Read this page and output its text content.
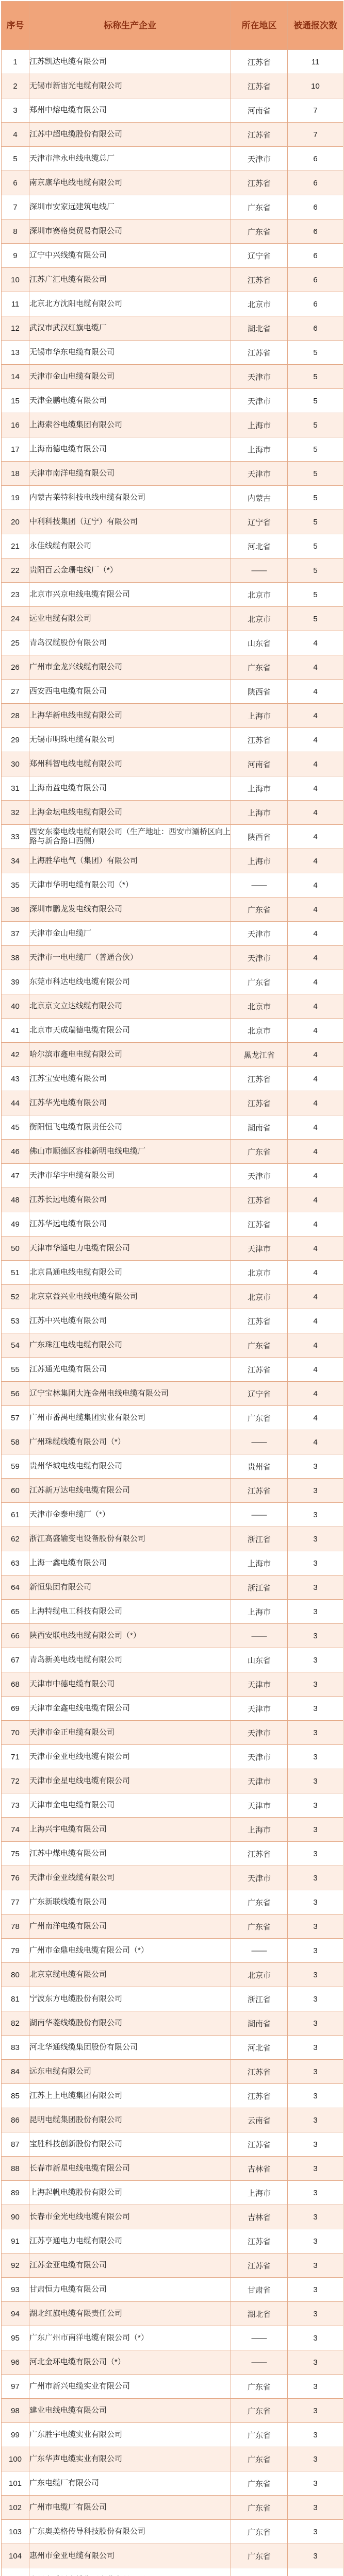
序号	标称生产企业	所在地区	被通报次数
1	江苏凯达电缆有限公司	江苏省	11
2	无锡市新宙光电缆有限公司	江苏省	10
3	郑州中熔电缆有限公司	河南省	7
4	江苏中超电缆股份有限公司	江苏省	7
5	天津市津永电线电缆总厂	天津市	6
6	南京康华电线电缆有限公司	江苏省	6
7	深圳市安家远建筑电线厂	广东省	6
8	深圳市赛格奥贸易有限公司	广东省	6
9	辽宁中兴线缆有限公司	辽宁省	6
10	江苏广汇电缆有限公司	江苏省	6
11	北京北方沈阳电缆有限公司	北京市	6
12	武汉市武汉红旗电缆厂	湖北省	6
13	无锡市华东电缆有限公司	江苏省	5
14	天津市金山电缆有限公司	天津市	5
15	天津金鹏电缆有限公司	天津市	5
16	上海索谷电缆集团有限公司	上海市	5
17	上海南德电缆有限公司	上海市	5
18	天津市南洋电缆有限公司	天津市	5
19	内蒙古莱特科技电线电缆有限公司	内蒙古	5
20	中利科技集团（辽宁）有限公司	辽宁省	5
21	永佳线缆有限公司	河北省	5
22	贵阳百云金珊电线厂（*）	——	5
23	北京市兴京电线电缆有限公司	北京市	5
24	远业电缆有限公司	北京市	5
25	青岛汉缆股份有限公司	山东省	4
26	广州市金龙兴线缆有限公司	广东省	4
27	西安西电电缆有限公司	陕西省	4
28	上海华新电线电缆有限公司	上海市	4
29	无锡市明珠电缆有限公司	江苏省	4
30	郑州科智电线电缆有限公司	河南省	4
31	上海南益电缆有限公司	上海市	4
32	上海金坛电线电缆有限公司	上海市	4
33	西安东泰电线电缆有限公司（生产地址：西安市灞桥区向上路与新合路口西侧）	陕西省	4
34	上海胜华电气（集团）有限公司	上海市	4
35	天津市华明电缆有限公司（*）	——	4
36	深圳市鹏龙发电线有限公司	广东省	4
37	天津市金山电缆厂	天津市	4
38	天津市一电电缆厂（普通合伙）	天津市	4
39	东莞市科达电线电缆有限公司	广东省	4
40	北京京文立达线缆有限公司	北京市	4
41	北京市天成瑞德电缆有限公司	北京市	4
42	哈尔滨市鑫电电缆有限公司	黑龙江省	4
43	江苏宝安电缆有限公司	江苏省	4
44	江苏华光电缆有限公司	江苏省	4
45	衡阳恒飞电缆有限责任公司	湖南省	4
46	佛山市顺德区容桂新明电线电缆厂	广东省	4
47	天津市华宇电缆有限公司	天津市	4
48	江苏长远电缆有限公司	江苏省	4
49	江苏华远电缆有限公司	江苏省	4
50	天津市华通电力电缆有限公司	天津市	4
51	北京昌通电线电缆有限公司	北京市	4
52	北京京益兴业电线电缆有限公司	北京市	4
53	江苏中兴电缆有限公司	江苏省	4
54	广东珠江电线电缆有限公司	广东省	4
55	江苏通光电缆有限公司	江苏省	4
56	辽宁宝林集团大连金州电线电缆有限公司	辽宁省	4
57	广州市番禺电缆集团实业有限公司	广东省	4
58	广州珠缆线缆有限公司（*）	——	4
59	贵州华城电线电缆有限公司	贵州省	3
60	江苏新万达电线电缆有限公司	江苏省	3
61	天津市金泰电缆厂（*）	——	3
62	浙江高盛输变电设备股份有限公司	浙江省	3
63	上海一鑫电缆有限公司	上海市	3
64	新恒集团有限公司	浙江省	3
65	上海特缆电工科技有限公司	上海市	3
66	陕西安联电线电缆有限公司（*）	——	3
67	青岛新美电线电缆有限公司	山东省	3
68	天津市中德电缆有限公司	天津市	3
69	天津市金鑫电线电缆有限公司	天津市	3
70	天津市金正电缆有限公司	天津市	3
71	天津市金亚电线电缆有限公司	天津市	3
72	天津市金星电线电缆有限公司	天津市	3
73	天津市金电电缆有限公司	天津市	3
74	上海兴宇电缆有限公司	上海市	3
75	江苏中煤电缆有限公司	江苏省	3
76	天津市金亚线缆有限公司	天津市	3
77	广东新联线缆有限公司	广东省	3
78	广州南洋电缆有限公司	广东省	3
79	广州市金鼎电线电缆有限公司（*）	——	3
80	北京京缆电缆有限公司	北京市	3
81	宁波东方电缆股份有限公司	浙江省	3
82	湖南华菱线缆股份有限公司	湖南省	3
83	河北华通线缆集团股份有限公司	河北省	3
84	远东电缆有限公司	江苏省	3
85	江苏上上电缆集团有限公司	江苏省	3
86	昆明电缆集团股份有限公司	云南省	3
87	宝胜科技创新股份有限公司	江苏省	3
88	长春市新星电线电缆有限公司	吉林省	3
89	上海起帆电缆股份有限公司	上海市	3
90	长春市金光电线电缆有限公司	吉林省	3
91	江苏亨通电力电缆有限公司	江苏省	3
92	江苏金亚电缆有限公司	江苏省	3
93	甘肃恒力电缆有限公司	甘肃省	3
94	湖北红旗电缆有限责任公司	湖北省	3
95	广东广州市南洋电缆有限公司（*）	——	3
96	河北金环电缆有限公司（*）	——	3
97	广州市新兴电缆实业有限公司	广东省	3
98	建业电线电缆有限公司	广东省	3
99	广东胜宇电缆实业有限公司	广东省	3
100	广东华声电缆实业有限公司	广东省	3
101	广东电缆厂有限公司	广东省	3
102	广州市电缆厂有限公司	广东省	3
103	广东奥美格传导科技股份有限公司	广东省	3
104	惠州市金亚电缆有限公司	广东省	3
